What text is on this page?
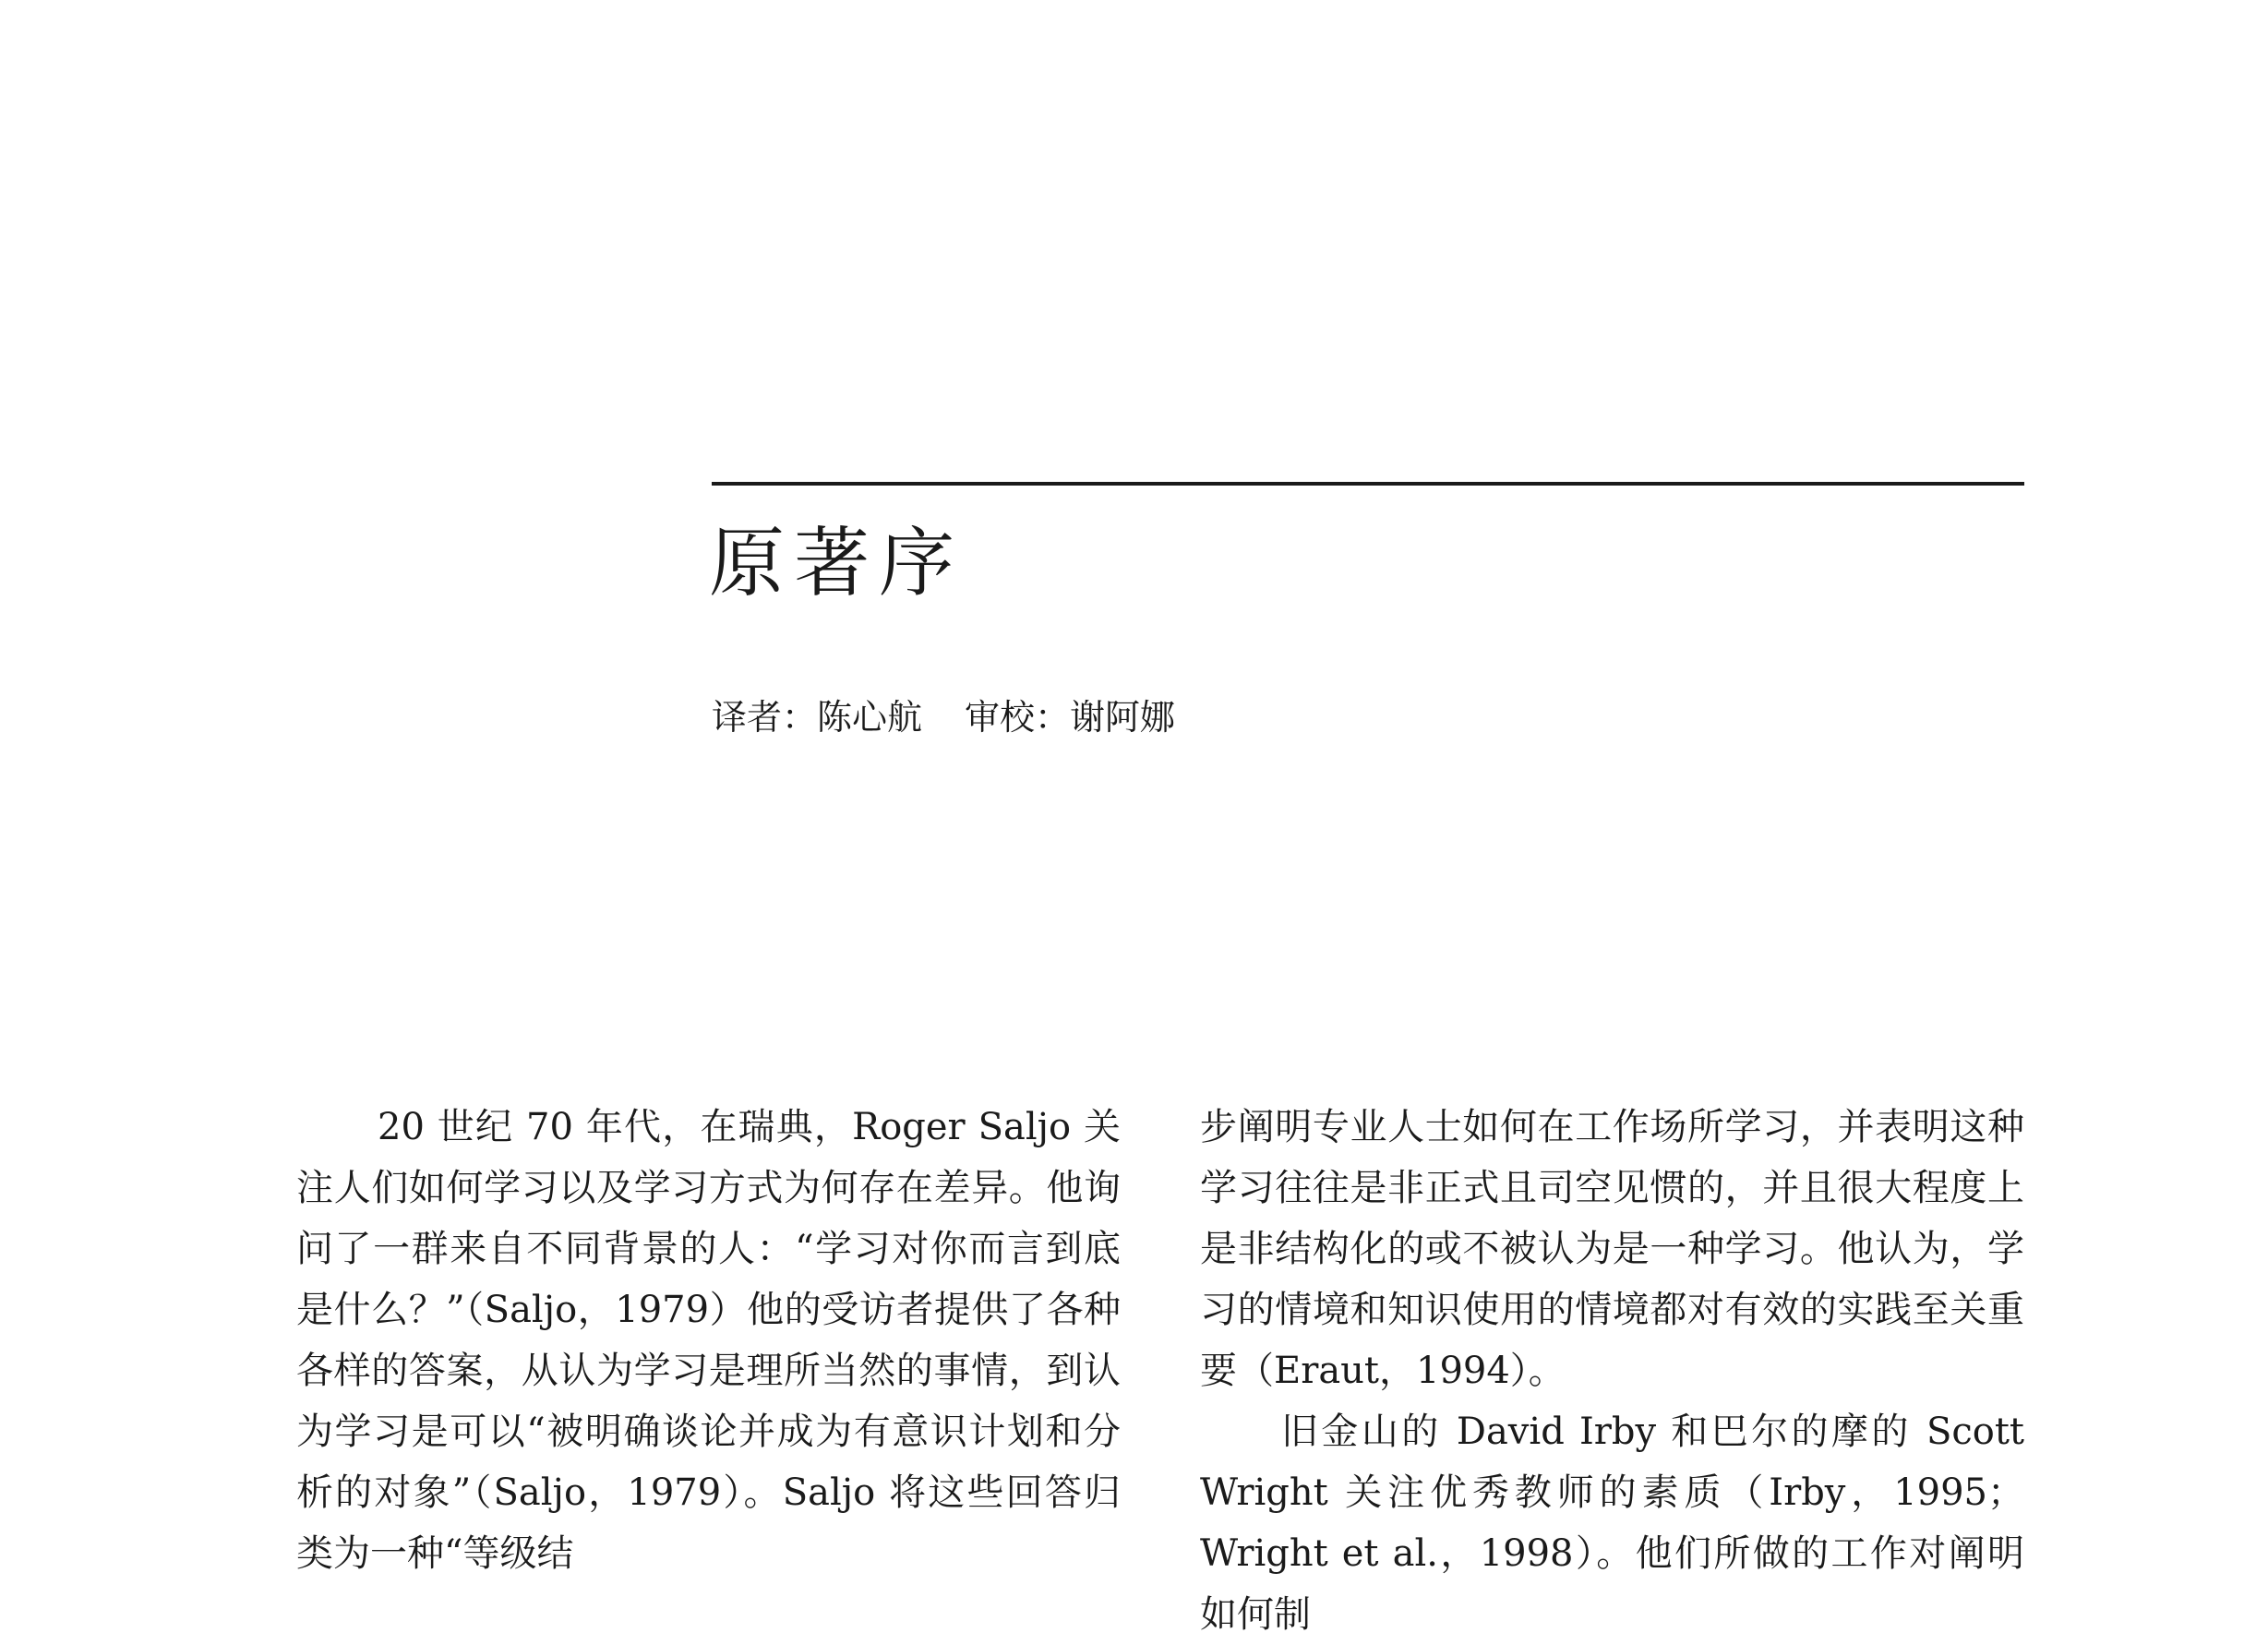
原著序
译者：陈心航 审校：谢阿娜

20 世纪 70 年代，在瑞典，Roger Saljo 关注人们如何学习以及学习方式为何存在差异。他询问了一群来自不同背景的人：“学习对你而言到底是什么？”（Saljo，1979）他的受访者提供了各种各样的答案，从认为学习是理所当然的事情，到认为学习是可以“被明确谈论并成为有意识计划和分析的对象”（Saljo，1979）。Saljo 将这些回答归类为一种“等级结

步阐明专业人士如何在工作场所学习，并表明这种学习往往是非正式且司空见惯的，并且很大程度上是非结构化的或不被认为是一种学习。他认为，学习的情境和知识使用的情境都对有效的实践至关重要（Eraut，1994）。

旧金山的 David Irby 和巴尔的摩的 Scott Wright 关注优秀教师的素质（Irby，1995；Wright et al.，1998）。他们所做的工作对阐明如何制
